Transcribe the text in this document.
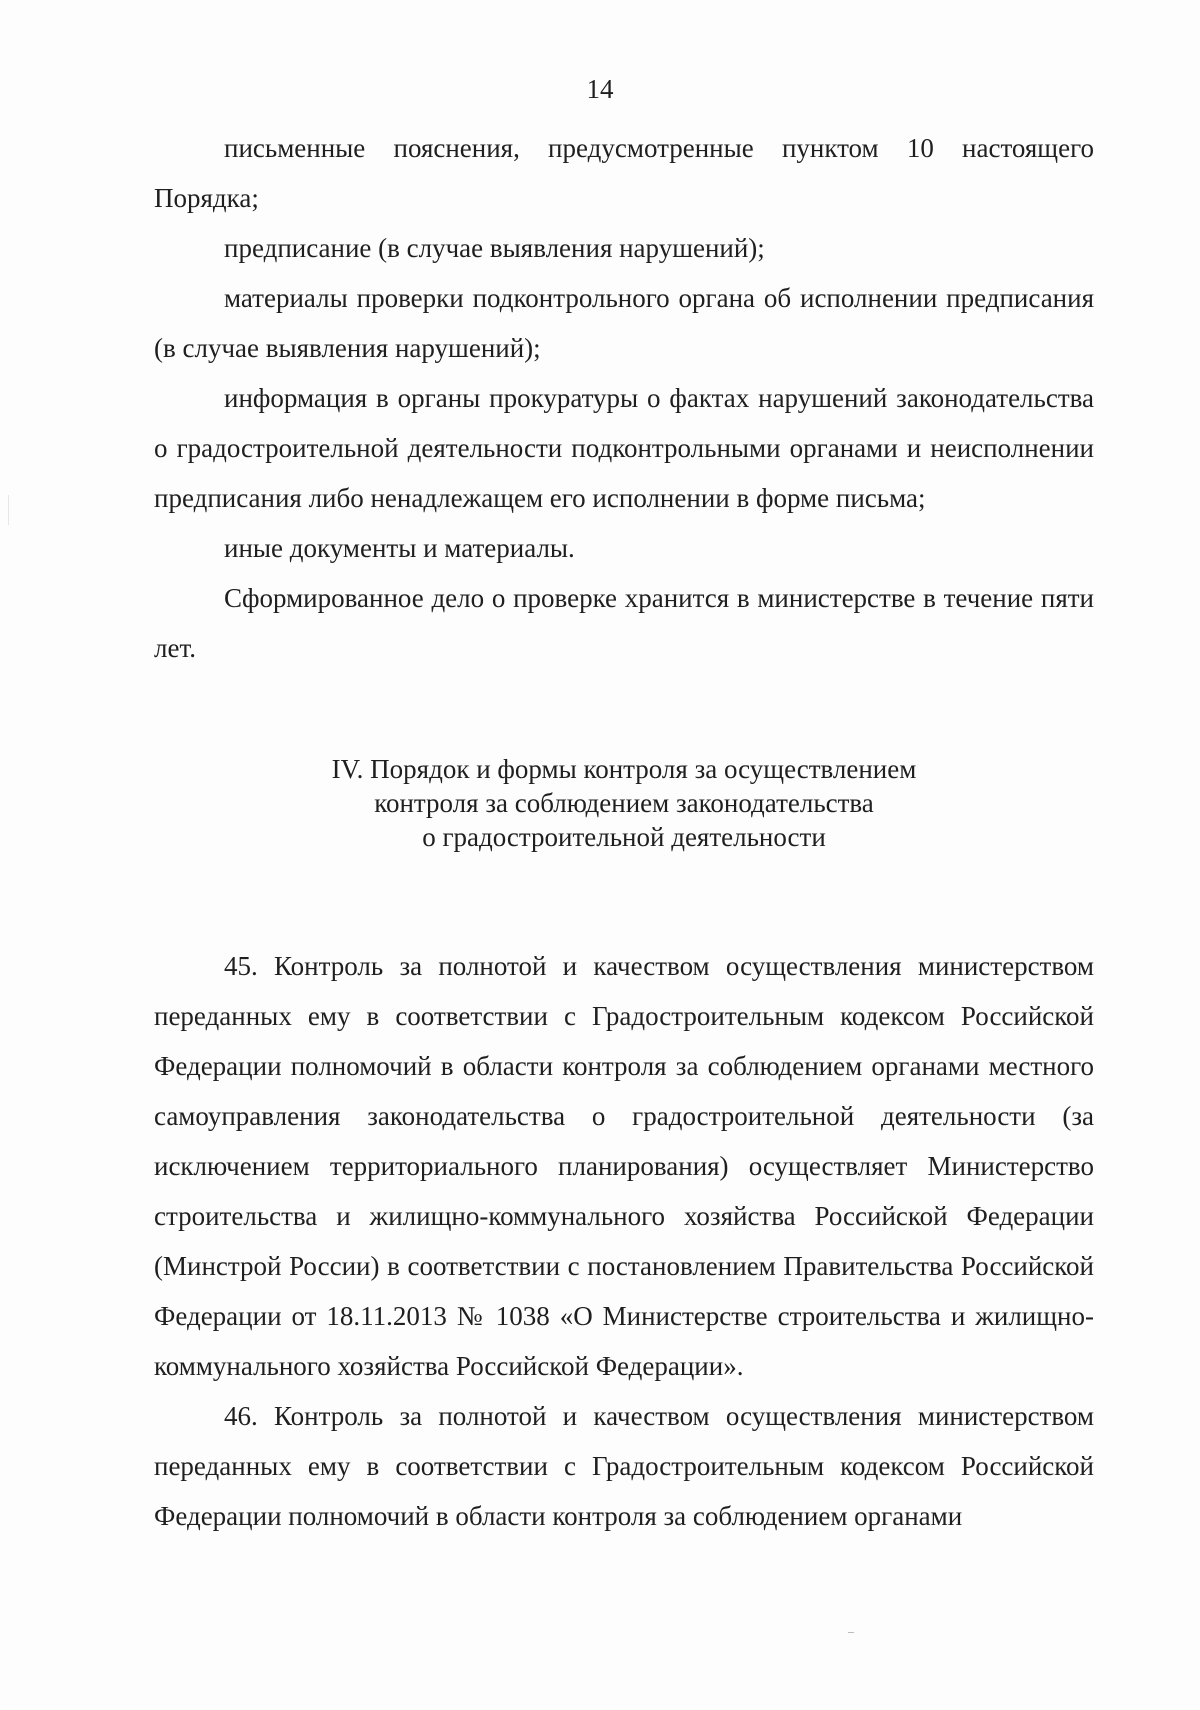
14

письменные пояснения, предусмотренные пунктом 10 настоящего Порядка;

предписание (в случае выявления нарушений);

материалы проверки подконтрольного органа об исполнении предписания (в случае выявления нарушений);

информация в органы прокуратуры о фактах нарушений законодательства о градостроительной деятельности подконтрольными органами и неисполнении предписания либо ненадлежащем его исполнении в форме письма;

иные документы и материалы.

Сформированное дело о проверке хранится в министерстве в течение пяти лет.

IV. Порядок и формы контроля за осуществлением
контроля за соблюдением законодательства
о градостроительной деятельности

45. Контроль за полнотой и качеством осуществления министерством переданных ему в соответствии с Градостроительным кодексом Российской Федерации полномочий в области контроля за соблюдением органами местного самоуправления законодательства о градостроительной деятельности (за исключением территориального планирования) осуществляет Министерство строительства и жилищно-коммунального хозяйства Российской Федерации (Минстрой России) в соответствии с постановлением Правительства Российской Федерации от 18.11.2013 № 1038 «О Министерстве строительства и жилищно-коммунального хозяйства Российской Федерации».

46. Контроль за полнотой и качеством осуществления министерством переданных ему в соответствии с Градостроительным кодексом Российской Федерации полномочий в области контроля за соблюдением органами
